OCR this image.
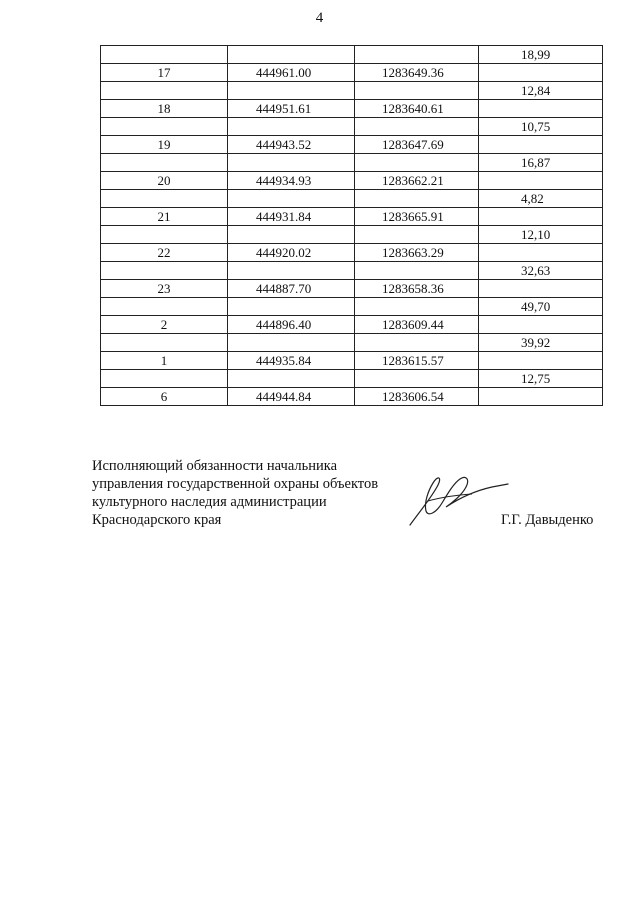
4
			18,99
17	444961.00	1283649.36	
			12,84
18	444951.61	1283640.61	
			10,75
19	444943.52	1283647.69	
			16,87
20	444934.93	1283662.21	
			4,82
21	444931.84	1283665.91	
			12,10
22	444920.02	1283663.29	
			32,63
23	444887.70	1283658.36	
			49,70
2	444896.40	1283609.44	
			39,92
1	444935.84	1283615.57	
			12,75
6	444944.84	1283606.54	

Исполняющий обязанности начальника

управления государственной охраны объектов

культурного наследия администрации

Краснодарского края	Г.Г. Давыденко
